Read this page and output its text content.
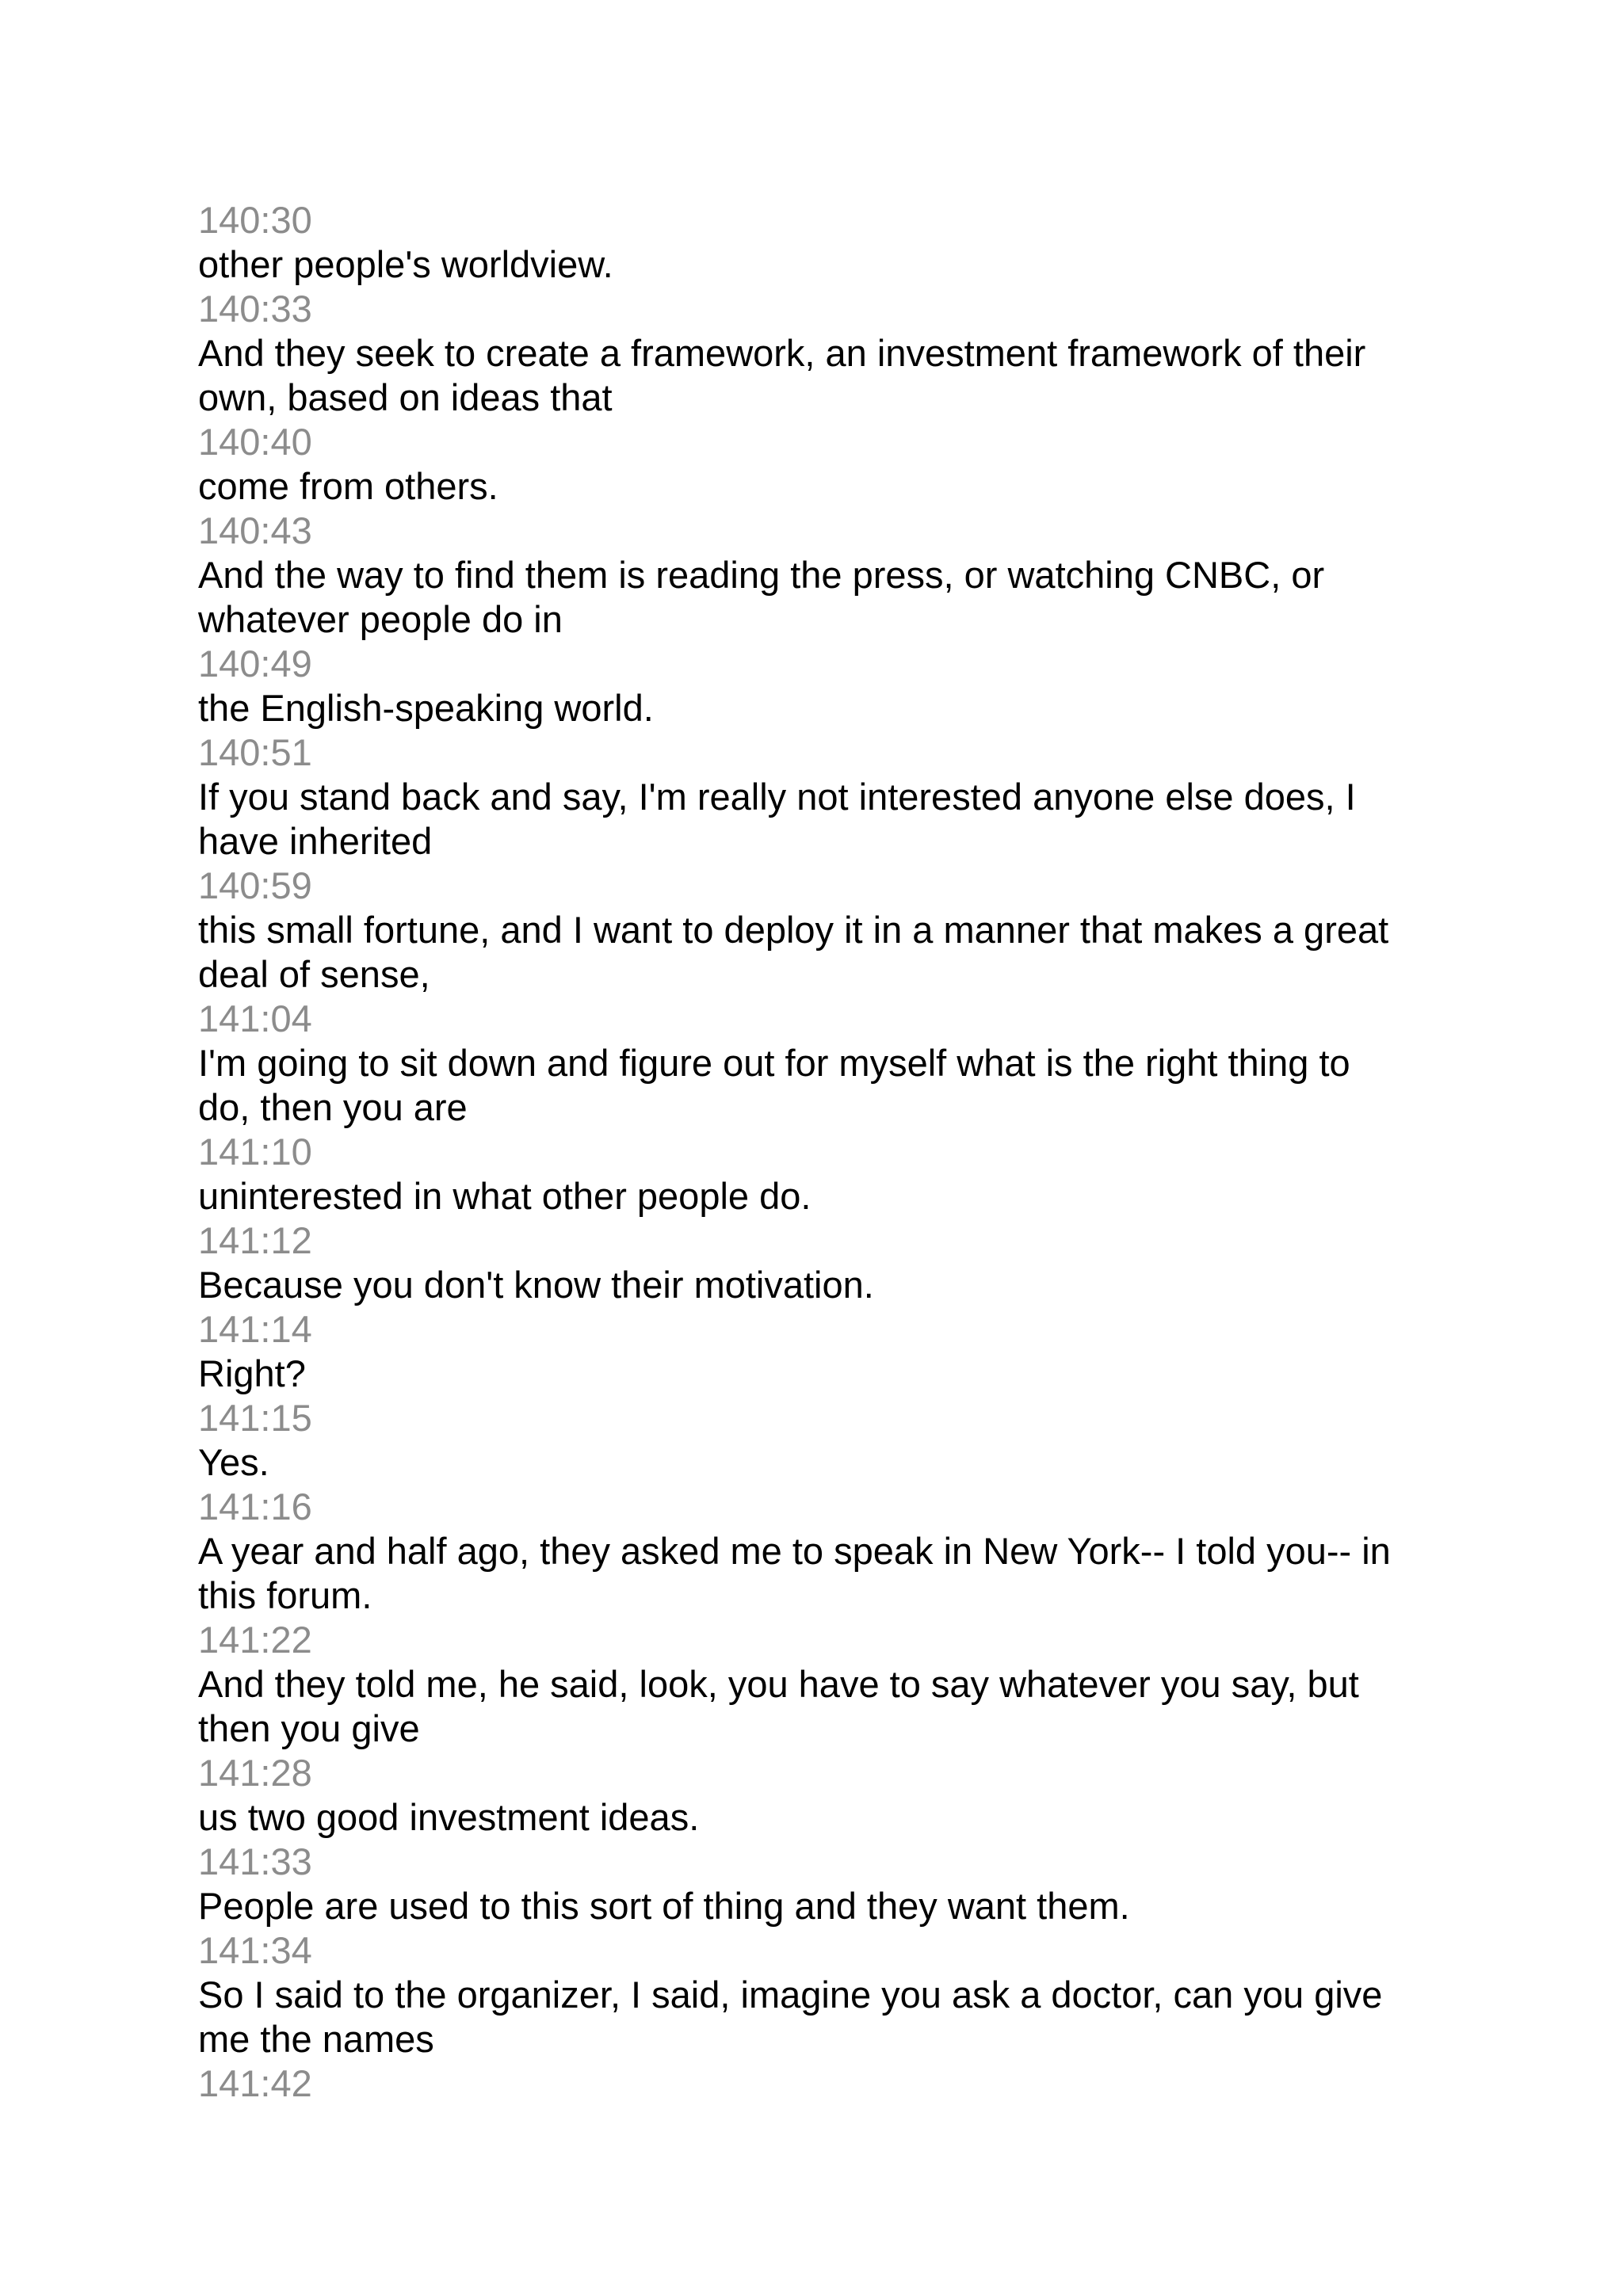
140:30
other people's worldview.
140:33
And they seek to create a framework, an investment framework of their
own, based on ideas that
140:40
come from others.
140:43
And the way to find them is reading the press, or watching CNBC, or
whatever people do in
140:49
the English-speaking world.
140:51
If you stand back and say, I'm really not interested anyone else does, I
have inherited
140:59
this small fortune, and I want to deploy it in a manner that makes a great
deal of sense,
141:04
I'm going to sit down and figure out for myself what is the right thing to
do, then you are
141:10
uninterested in what other people do.
141:12
Because you don't know their motivation.
141:14
Right?
141:15
Yes.
141:16
A year and half ago, they asked me to speak in New York-- I told you-- in
this forum.
141:22
And they told me, he said, look, you have to say whatever you say, but
then you give
141:28
us two good investment ideas.
141:33
People are used to this sort of thing and they want them.
141:34
So I said to the organizer, I said, imagine you ask a doctor, can you give
me the names
141:42
